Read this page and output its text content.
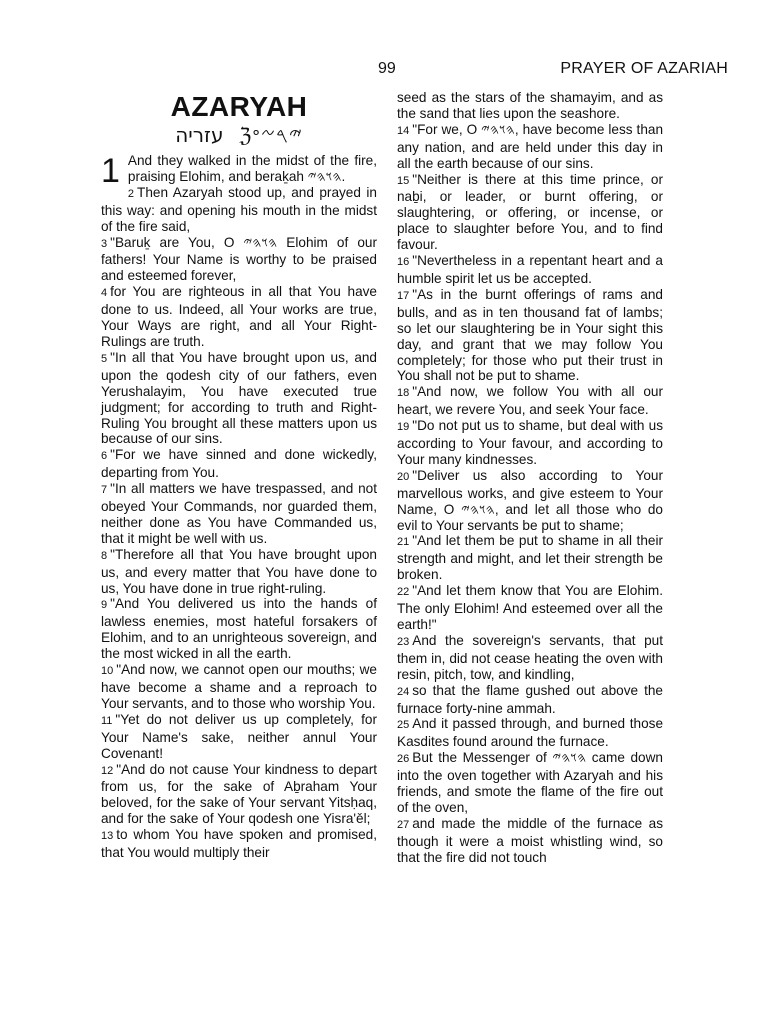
99	PRAYER OF AZARIAH
AZARYAH
עזריה ℨ𐤉𐤓𐤆𐤏

1 And they walked in the midst of the fire, praising Elohim, and beraḵah 𐤄𐤅𐤄𐤉.

2 Then Azaryah stood up, and prayed in this way: and opening his mouth in the midst of the fire said,

3 "Baruḵ are You, O 𐤄𐤅𐤄𐤉 Elohim of our fathers! Your Name is worthy to be praised and esteemed forever,

4 for You are righteous in all that You have done to us. Indeed, all Your works are true, Your Ways are right, and all Your Right-Rulings are truth.

5 "In all that You have brought upon us, and upon the qodesh city of our fathers, even Yerushalayim, You have executed true judgment; for according to truth and Right-Ruling You brought all these matters upon us because of our sins.

6 "For we have sinned and done wickedly, departing from You.

7 "In all matters we have trespassed, and not obeyed Your Commands, nor guarded them, neither done as You have Commanded us, that it might be well with us.

8 "Therefore all that You have brought upon us, and every matter that You have done to us, You have done in true right-ruling.

9 "And You delivered us into the hands of lawless enemies, most hateful forsakers of Elohim, and to an unrighteous sovereign, and the most wicked in all the earth.

10 "And now, we cannot open our mouths; we have become a shame and a reproach to Your servants, and to those who worship You.

11 "Yet do not deliver us up completely, for Your Name's sake, neither annul Your Covenant!

12 "And do not cause Your kindness to depart from us, for the sake of Aḇraham Your beloved, for the sake of Your servant Yitsḥaq, and for the sake of Your qodesh one Yisra'ěl;

13 to whom You have spoken and promised, that You would multiply their

seed as the stars of the shamayim, and as the sand that lies upon the seashore.

14 "For we, O 𐤄𐤅𐤄𐤉, have become less than any nation, and are held under this day in all the earth because of our sins.

15 "Neither is there at this time prince, or naḇi, or leader, or burnt offering, or slaughtering, or offering, or incense, or place to slaughter before You, and to find favour.

16 "Nevertheless in a repentant heart and a humble spirit let us be accepted.

17 "As in the burnt offerings of rams and bulls, and as in ten thousand fat of lambs; so let our slaughtering be in Your sight this day, and grant that we may follow You completely; for those who put their trust in You shall not be put to shame.

18 "And now, we follow You with all our heart, we revere You, and seek Your face.

19 "Do not put us to shame, but deal with us according to Your favour, and according to Your many kindnesses.

20 "Deliver us also according to Your marvellous works, and give esteem to Your Name, O 𐤄𐤅𐤄𐤉, and let all those who do evil to Your servants be put to shame;

21 "And let them be put to shame in all their strength and might, and let their strength be broken.

22 "And let them know that You are Elohim. The only Elohim! And esteemed over all the earth!"

23 And the sovereign's servants, that put them in, did not cease heating the oven with resin, pitch, tow, and kindling,

24 so that the flame gushed out above the furnace forty-nine ammah.

25 And it passed through, and burned those Kasdites found around the furnace.

26 But the Messenger of 𐤄𐤅𐤄𐤉 came down into the oven together with Azaryah and his friends, and smote the flame of the fire out of the oven,

27 and made the middle of the furnace as though it were a moist whistling wind, so that the fire did not touch
